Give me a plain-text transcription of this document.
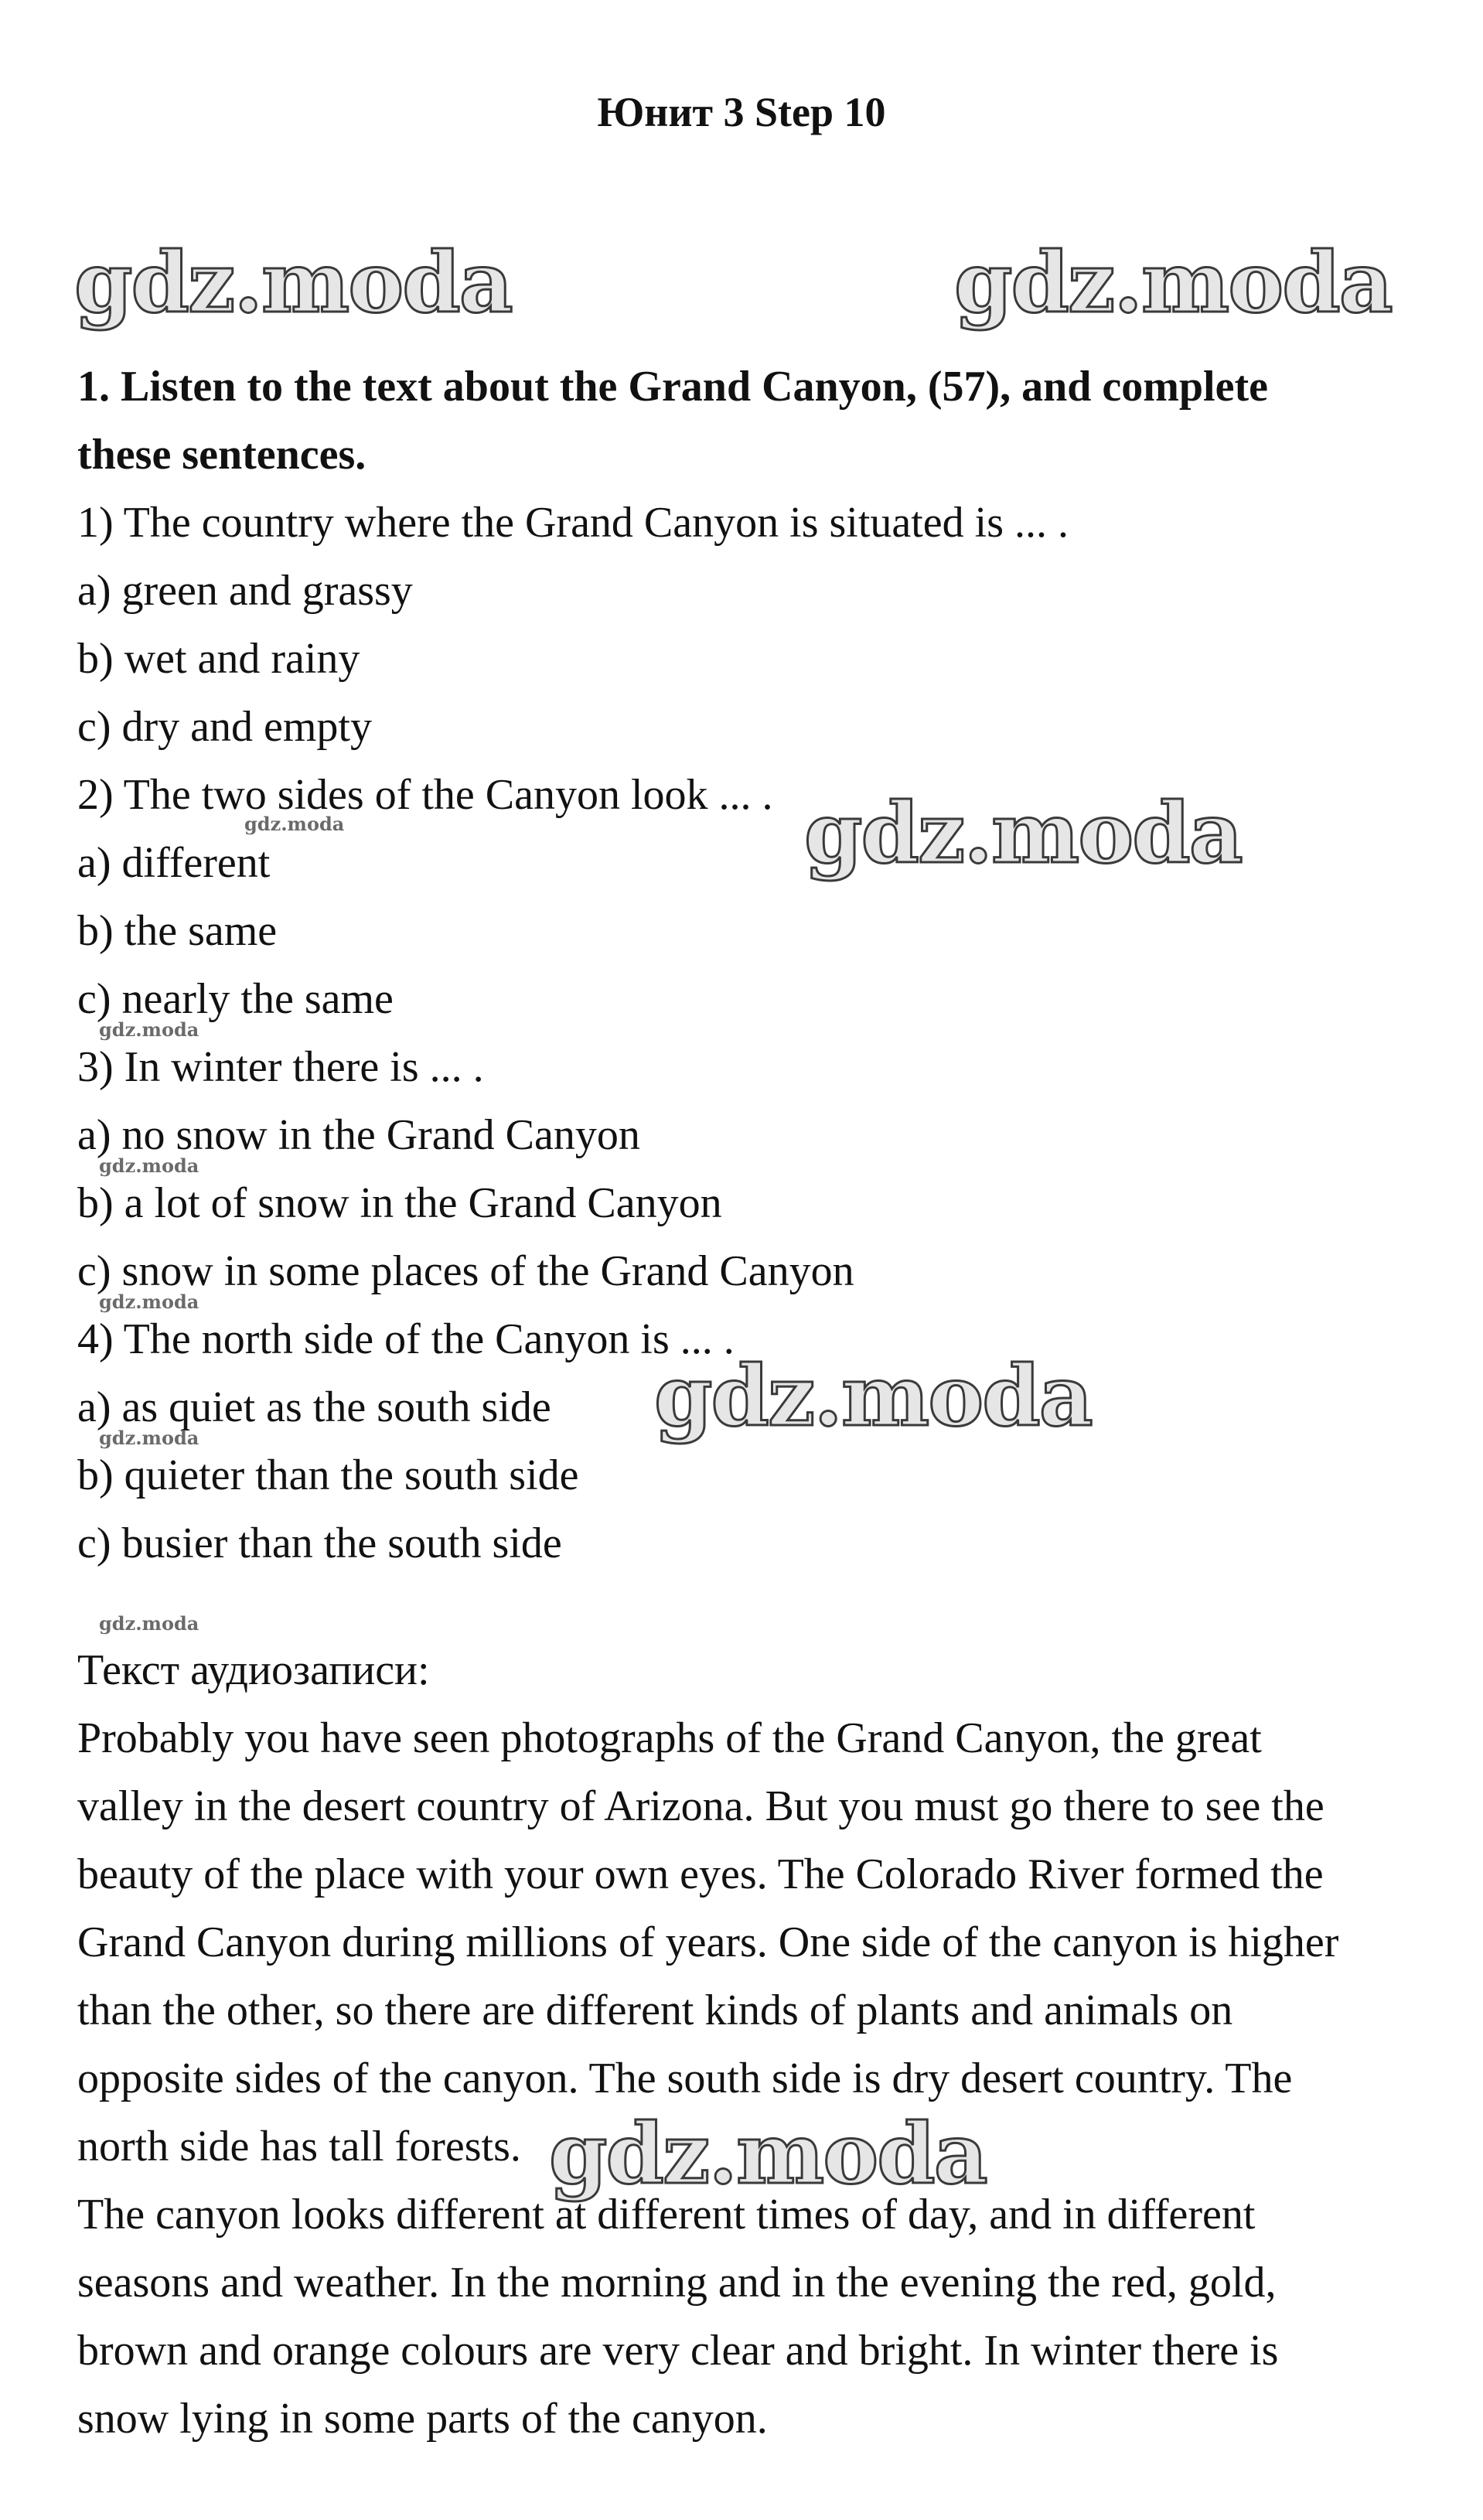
Юнит 3 Step 10
gdz.moda	gdz.moda

1. Listen to the text about the Grand Canyon, (57), and complete
these sentences.

1) The country where the Grand Canyon is situated is ... .
a) green and grassy
b) wet and rainy
c) dry and empty
2) The two sides of the Canyon look ... .
a) different
b) the same
c) nearly the same
3) In winter there is ... .
a) no snow in the Grand Canyon
b) a lot of snow in the Grand Canyon
c) snow in some places of the Grand Canyon
4) The north side of the Canyon is ... .
a) as quiet as the south side
b) quieter than the south side
c) busier than the south side
gdz.moda
gdz.moda
gdz.moda
gdz.moda
gdz.moda
gdz.moda
gdz.moda
gdz.moda

Текст аудиозаписи:

Probably you have seen photographs of the Grand Canyon, the great
valley in the desert country of Arizona. But you must go there to see the
beauty of the place with your own eyes. The Colorado River formed the
Grand Canyon during millions of years. One side of the canyon is higher
than the other, so there are different kinds of plants and animals on
opposite sides of the canyon. The south side is dry desert country. The
north side has tall forests.
The canyon looks different at different times of day, and in different
seasons and weather. In the morning and in the evening the red, gold,
brown and orange colours are very clear and bright. In winter there is
snow lying in some parts of the canyon.
gdz.moda
